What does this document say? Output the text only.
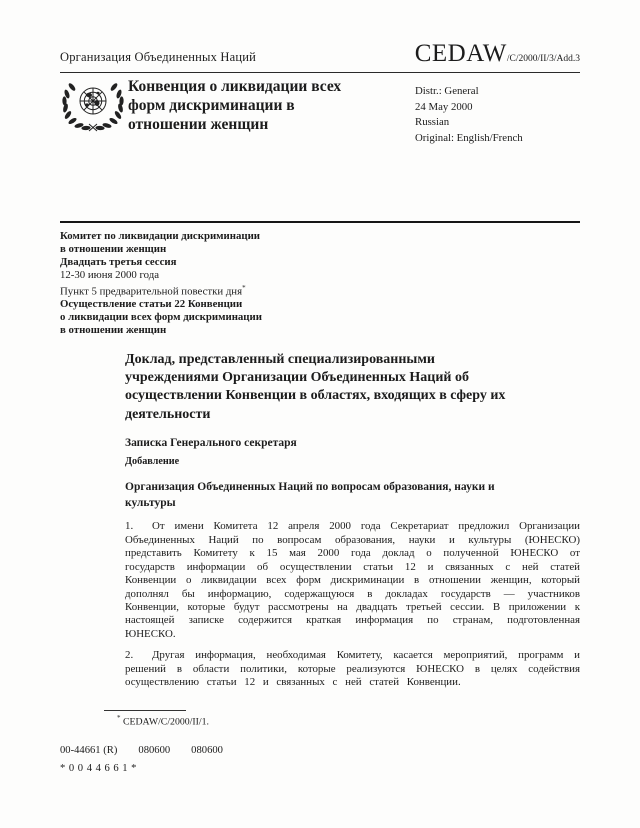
Организация Объединенных Наций	CEDAW/C/2000/II/3/Add.3
Конвенция о ликвидации всех форм дискриминации в отношении женщин
Distr.: General
24 May 2000
Russian
Original: English/French
Комитет по ликвидации дискриминации
в отношении женщин
Двадцать третья сессия
12-30 июня 2000 года
Пункт 5 предварительной повестки дня*
Осуществление статьи 22 Конвенции
о ликвидации всех форм дискриминации
в отношении женщин
Доклад, представленный специализированными учреждениями Организации Объединенных Наций об осуществлении Конвенции в областях, входящих в сферу их деятельности
Записка Генерального секретаря
Добавление
Организация Объединенных Наций по вопросам образования, науки и культуры

1. От имени Комитета 12 апреля 2000 года Секретариат предложил Организации Объединенных Наций по вопросам образования, науки и культуры (ЮНЕСКО) представить Комитету к 15 мая 2000 года доклад о полученной ЮНЕСКО от государств информации об осуществлении статьи 12 и связанных с ней статей Конвенции о ликвидации всех форм дискриминации в отношении женщин, который дополнял бы информацию, содержащуюся в докладах государств — участников Конвенции, которые будут рассмотрены на двадцать третьей сессии. В приложении к настоящей записке содержится краткая информация по странам, подготовленная ЮНЕСКО.

2. Другая информация, необходимая Комитету, касается мероприятий, программ и решений в области политики, которые реализуются ЮНЕСКО в целях содействия осуществлению статьи 12 и связанных с ней статей Конвенции.

* CEDAW/C/2000/II/1.
00-44661 (R) 080600 080600
*0044661*
